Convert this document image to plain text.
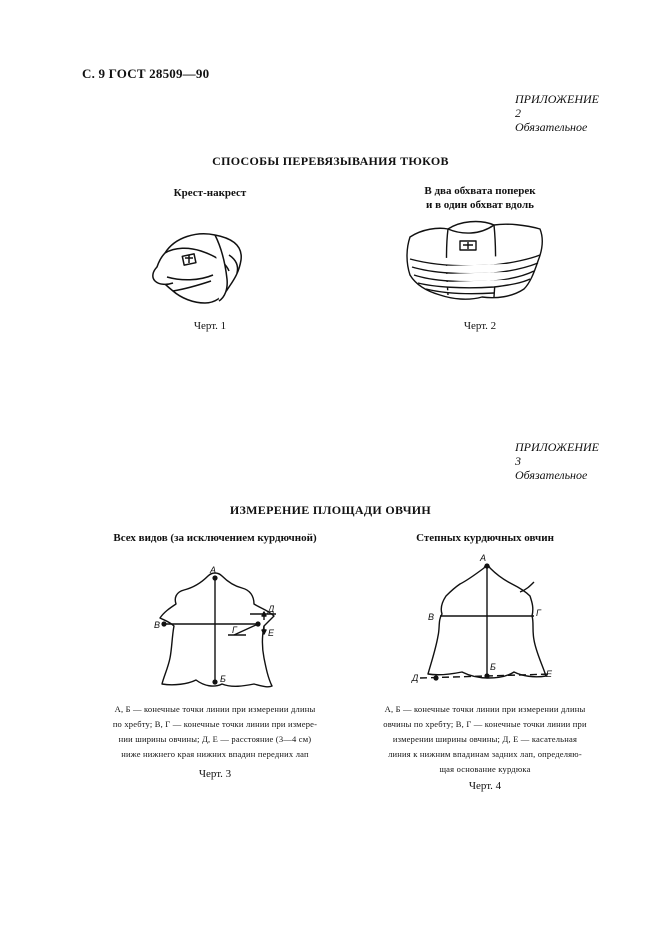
С. 9 ГОСТ 28509—90
ПРИЛОЖЕНИЕ 2
Обязательное
СПОСОБЫ ПЕРЕВЯЗЫВАНИЯ ТЮКОВ
Крест-накрест
Черт. 1
В два обхвата поперек
и в один обхват вдоль
Черт. 2
ПРИЛОЖЕНИЕ 3
Обязательное
ИЗМЕРЕНИЕ ПЛОЩАДИ ОВЧИН
Всех видов (за исключением курдючной)
А
Б
В	Г
Д
Е
А, Б — конечные точки линии при измерении длины
по хребту; В, Г — конечные точки линии при измере-
нии ширины овчины; Д, Е — расстояние (3—4 см)
ниже нижнего края нижних впадин передних лап
Черт. 3
Степных курдючных овчин
А
Б
В	Г
Д	Е
А, Б — конечные точки линии при измерении длины
овчины по хребту; В, Г — конечные точки линии при
измерении ширины овчины; Д, Е — касательная
линия к нижним впадинам задних лап, определяю-
щая основание курдюка
Черт. 4
